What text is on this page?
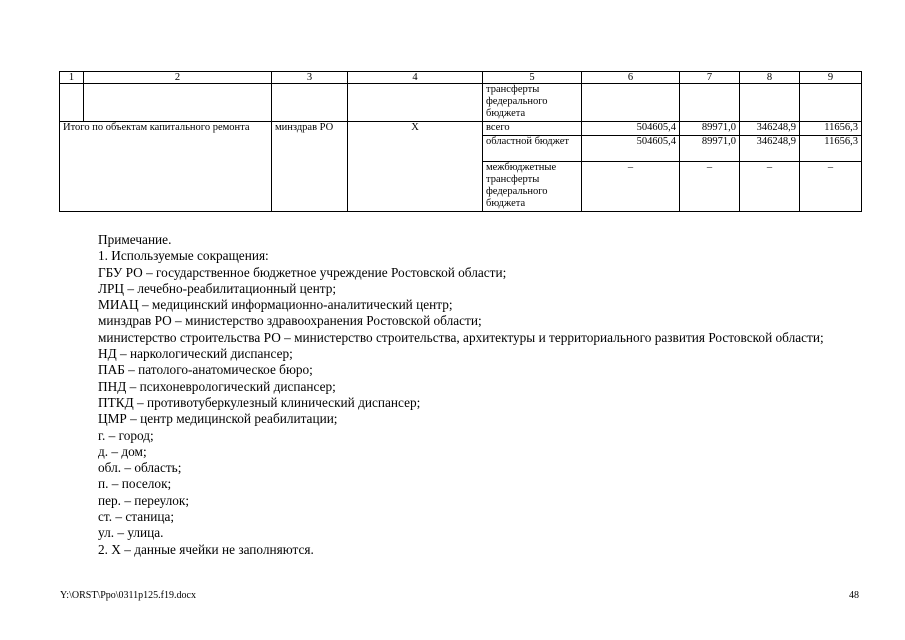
1	2	3	4	5	6	7	8	9
				трансферты федерального бюджета				
Итого по объектам капитального ремонта		минздрав РО	Х	всего	504605,4	89971,0	346248,9	11656,3
				областной бюджет	504605,4	89971,0	346248,9	11656,3
				межбюджетные трансферты федерального бюджета	–	–	–	–

Примечание.

1. Используемые сокращения:

ГБУ РО – государственное бюджетное учреждение Ростовской области;

ЛРЦ – лечебно-реабилитационный центр;

МИАЦ – медицинский информационно-аналитический центр;

минздрав РО – министерство здравоохранения Ростовской области;

министерство строительства РО – министерство строительства, архитектуры и территориального развития Ростовской области;

НД – наркологический диспансер;

ПАБ – патолого-анатомическое бюро;

ПНД – психоневрологический диспансер;

ПТКД – противотуберкулезный клинический диспансер;

ЦМР – центр медицинской реабилитации;

г. – город;

д. – дом;

обл. – область;

п. – поселок;

пер. – переулок;

ст. – станица;

ул. – улица.

2. Х – данные ячейки не заполняются.

Y:\ORST\Ppo\0311p125.f19.docx	48
